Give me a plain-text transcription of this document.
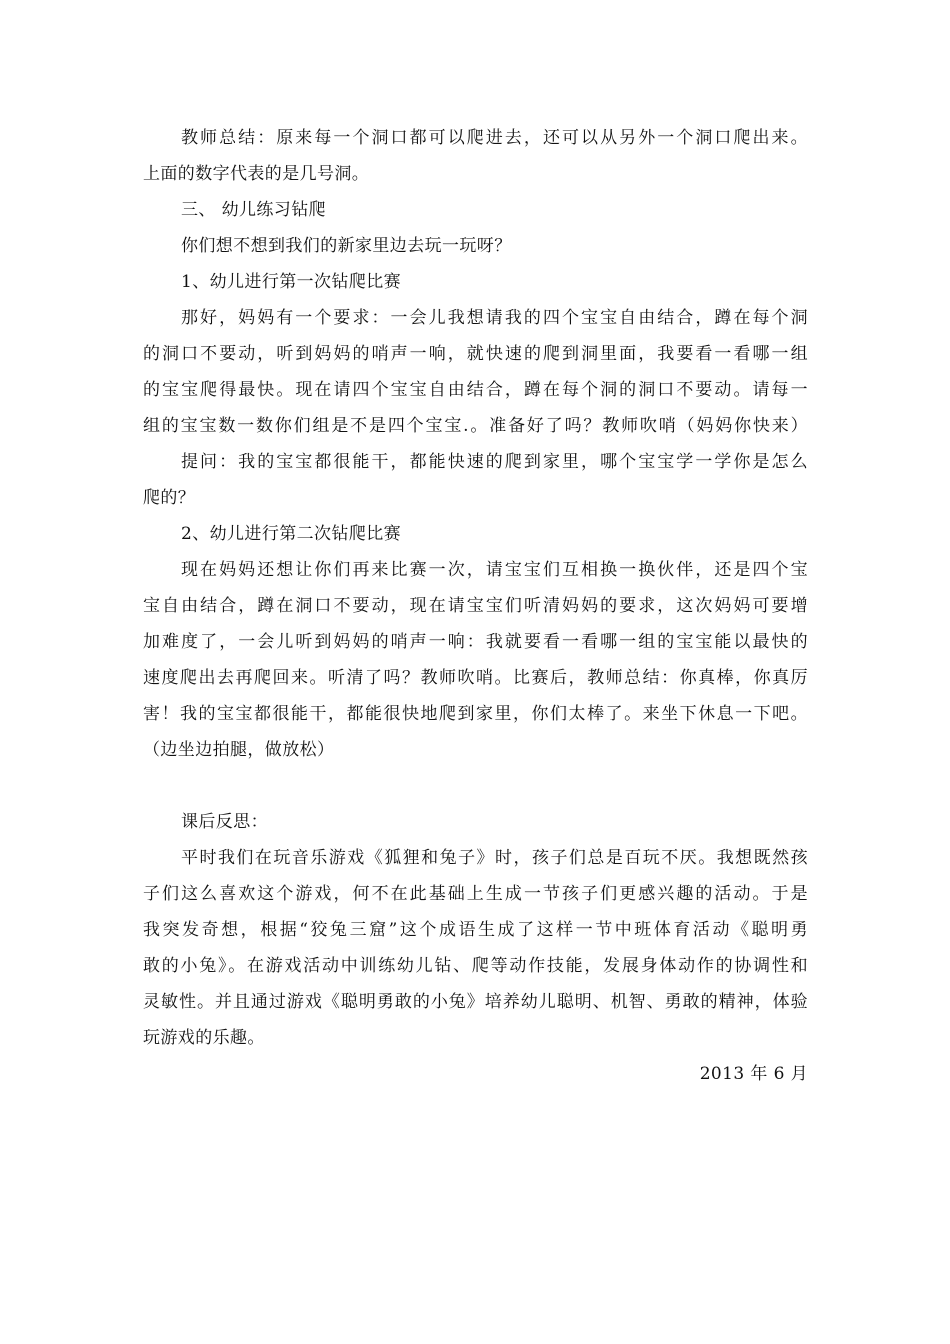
教师总结：原来每一个洞口都可以爬进去，还可以从另外一个洞口爬出来。
上面的数字代表的是几号洞。
三、 幼儿练习钻爬
你们想不想到我们的新家里边去玩一玩呀？
1、幼儿进行第一次钻爬比赛
那好，妈妈有一个要求：一会儿我想请我的四个宝宝自由结合，蹲在每个洞
的洞口不要动，听到妈妈的哨声一响，就快速的爬到洞里面，我要看一看哪一组
的宝宝爬得最快。现在请四个宝宝自由结合，蹲在每个洞的洞口不要动。请每一
组的宝宝数一数你们组是不是四个宝宝.。准备好了吗？教师吹哨（妈妈你快来）
提问：我的宝宝都很能干，都能快速的爬到家里，哪个宝宝学一学你是怎么
爬的？
2、幼儿进行第二次钻爬比赛
现在妈妈还想让你们再来比赛一次，请宝宝们互相换一换伙伴，还是四个宝
宝自由结合，蹲在洞口不要动，现在请宝宝们听清妈妈的要求，这次妈妈可要增
加难度了，一会儿听到妈妈的哨声一响：我就要看一看哪一组的宝宝能以最快的
速度爬出去再爬回来。听清了吗？教师吹哨。比赛后，教师总结：你真棒，你真厉
害！我的宝宝都很能干，都能很快地爬到家里，你们太棒了。来坐下休息一下吧。
（边坐边拍腿，做放松）
课后反思：
平时我们在玩音乐游戏《狐狸和兔子》时，孩子们总是百玩不厌。我想既然孩
子们这么喜欢这个游戏，何不在此基础上生成一节孩子们更感兴趣的活动。于是
我突发奇想，根据“狡兔三窟”这个成语生成了这样一节中班体育活动《聪明勇
敢的小兔》。在游戏活动中训练幼儿钻、爬等动作技能，发展身体动作的协调性和
灵敏性。并且通过游戏《聪明勇敢的小兔》培养幼儿聪明、机智、勇敢的精神，体验
玩游戏的乐趣。
2013 年 6 月
